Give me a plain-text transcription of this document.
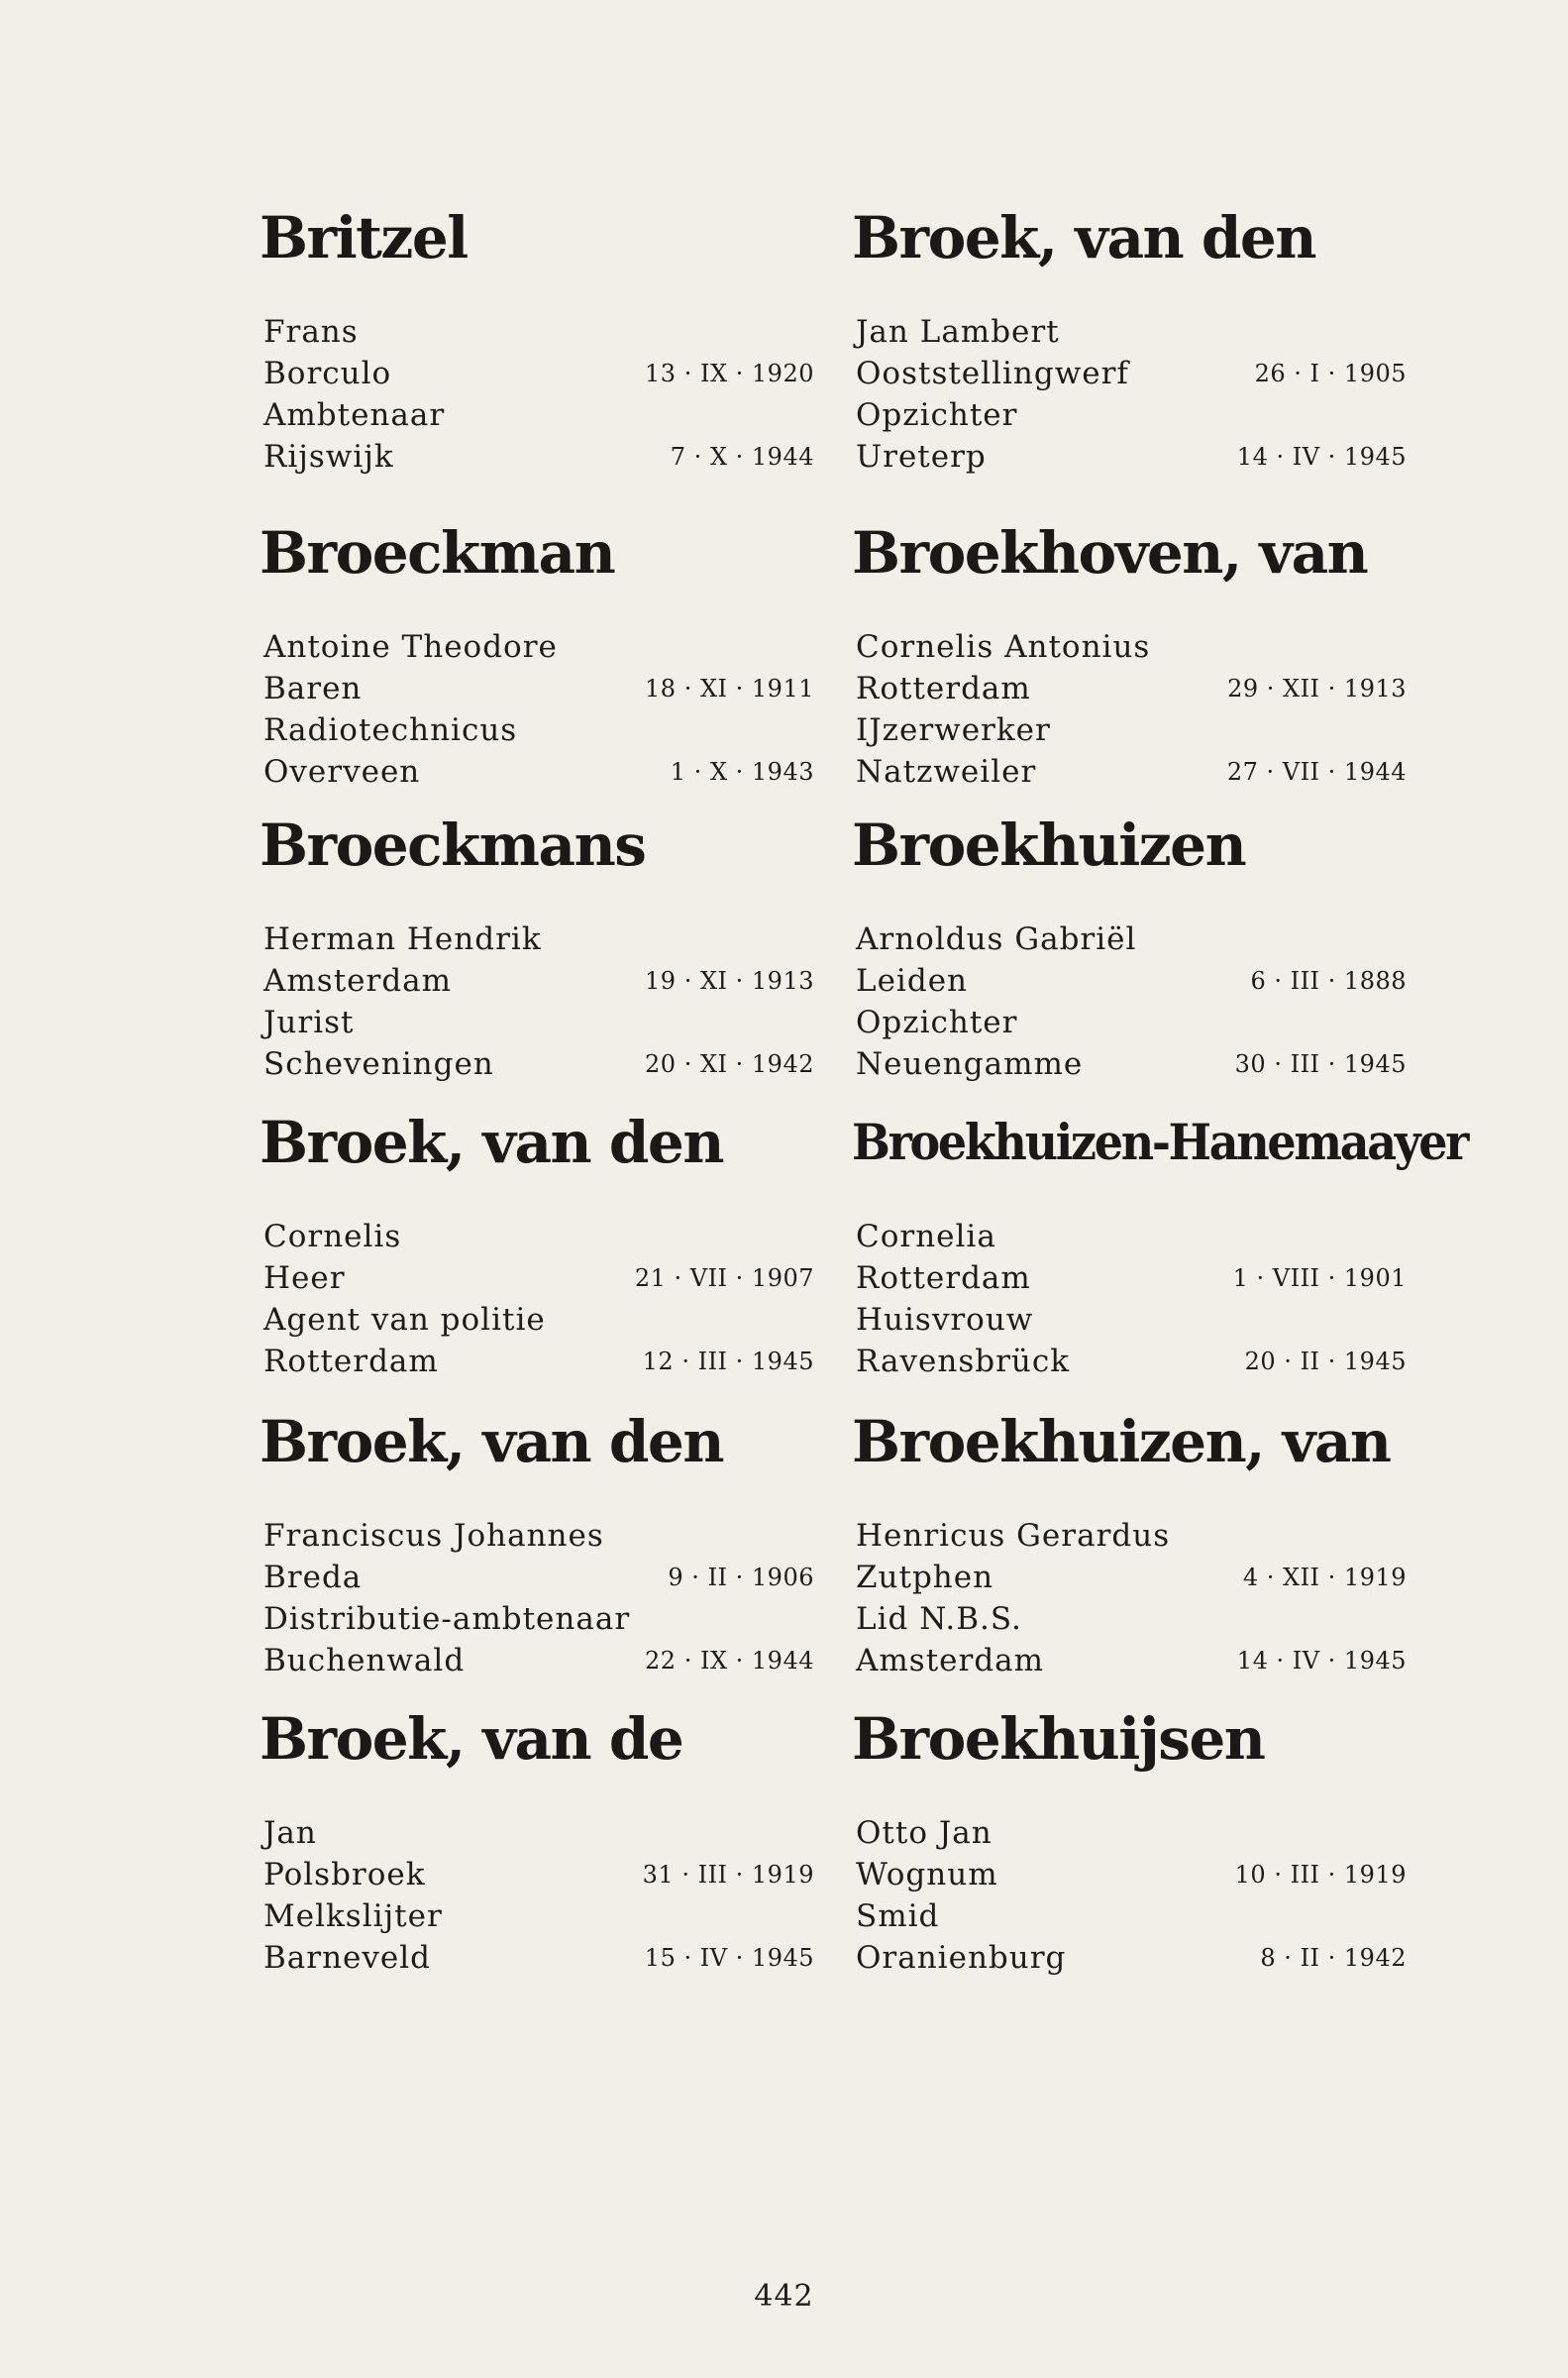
Britzel
Frans
Borculo	13 · IX · 1920
Ambtenaar
Rijswijk	7 · X · 1944
Broeckman
Antoine Theodore
Baren	18 · XI · 1911
Radiotechnicus
Overveen	1 · X · 1943
Broeckmans
Herman Hendrik
Amsterdam	19 · XI · 1913
Jurist
Scheveningen	20 · XI · 1942
Broek, van den
Cornelis
Heer	21 · VII · 1907
Agent van politie
Rotterdam	12 · III · 1945
Broek, van den
Franciscus Johannes
Breda	9 · II · 1906
Distributie-ambtenaar
Buchenwald	22 · IX · 1944
Broek, van de
Jan
Polsbroek	31 · III · 1919
Melkslijter
Barneveld	15 · IV · 1945
Broek, van den
Jan Lambert
Ooststellingwerf	26 · I · 1905
Opzichter
Ureterp	14 · IV · 1945
Broekhoven, van
Cornelis Antonius
Rotterdam	29 · XII · 1913
IJzerwerker
Natzweiler	27 · VII · 1944
Broekhuizen
Arnoldus Gabriël
Leiden	6 · III · 1888
Opzichter
Neuengamme	30 · III · 1945
Broekhuizen-Hanemaayer
Cornelia
Rotterdam	1 · VIII · 1901
Huisvrouw
Ravensbrück	20 · II · 1945
Broekhuizen, van
Henricus Gerardus
Zutphen	4 · XII · 1919
Lid N.B.S.
Amsterdam	14 · IV · 1945
Broekhuijsen
Otto Jan
Wognum	10 · III · 1919
Smid
Oranienburg	8 · II · 1942
442
